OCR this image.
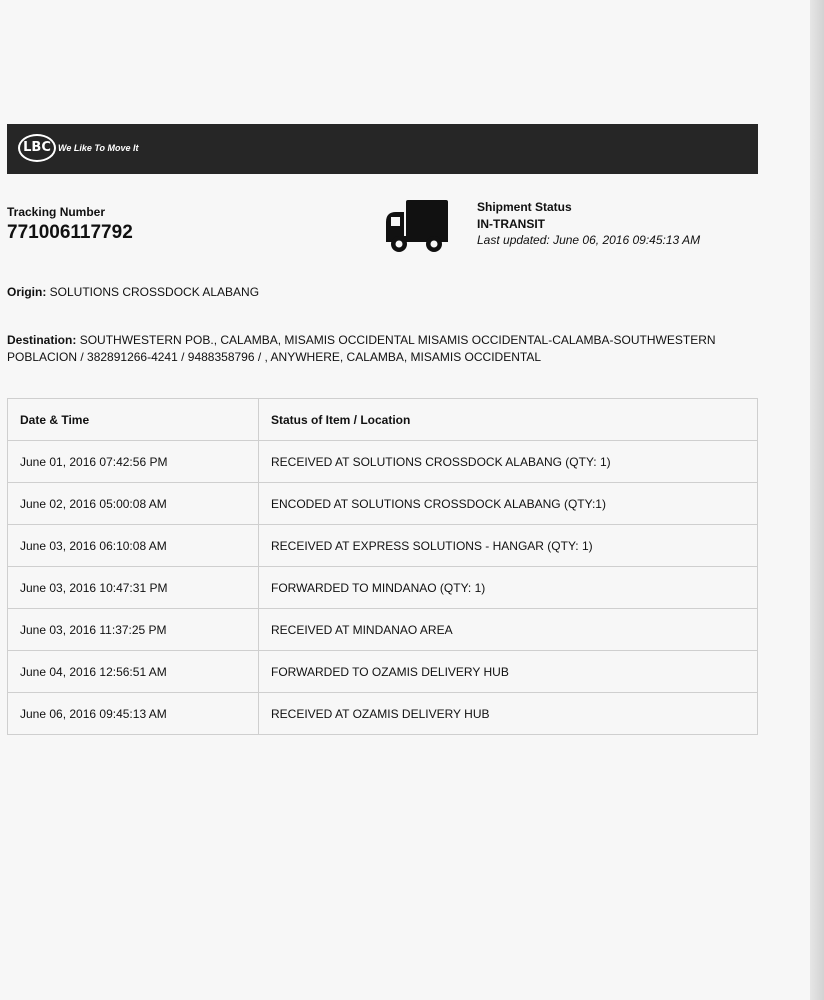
LBC We Like To Move It
Tracking Number
771006117792
Shipment Status
IN-TRANSIT
Last updated: June 06, 2016 09:45:13 AM
Origin: SOLUTIONS CROSSDOCK ALABANG
Destination: SOUTHWESTERN POB., CALAMBA, MISAMIS OCCIDENTAL MISAMIS OCCIDENTAL-CALAMBA-SOUTHWESTERN POBLACION / 382891266-4241 / 9488358796 / , ANYWHERE, CALAMBA, MISAMIS OCCIDENTAL
Date & Time	Status of Item / Location
June 01, 2016 07:42:56 PM	RECEIVED AT SOLUTIONS CROSSDOCK ALABANG (QTY: 1)
June 02, 2016 05:00:08 AM	ENCODED AT SOLUTIONS CROSSDOCK ALABANG (QTY:1)
June 03, 2016 06:10:08 AM	RECEIVED AT EXPRESS SOLUTIONS - HANGAR (QTY: 1)
June 03, 2016 10:47:31 PM	FORWARDED TO MINDANAO (QTY: 1)
June 03, 2016 11:37:25 PM	RECEIVED AT MINDANAO AREA
June 04, 2016 12:56:51 AM	FORWARDED TO OZAMIS DELIVERY HUB
June 06, 2016 09:45:13 AM	RECEIVED AT OZAMIS DELIVERY HUB
